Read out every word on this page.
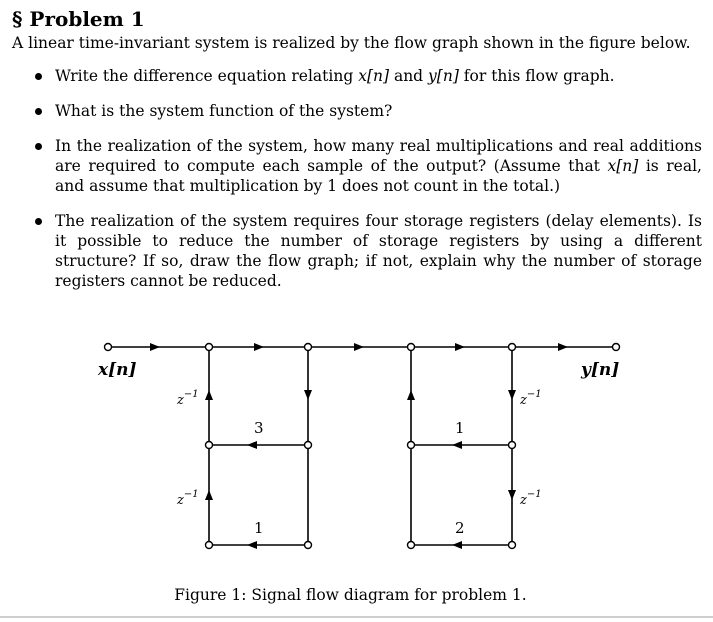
§ Problem 1
A linear time-invariant system is realized by the flow graph shown in the figure below.
Write the difference equation relating x[n] and y[n] for this flow graph.
What is the system function of the system?
In the realization of the system, how many real multiplications and real additions are required to compute each sample of the output? (Assume that x[n] is real, and assume that multiplication by 1 does not count in the total.)
The realization of the system requires four storage registers (delay elements). Is it possible to reduce the number of storage registers by using a different structure? If so, draw the flow graph; if not, explain why the number of storage registers cannot be reduced.
x[n]	y[n]
$z^{-1}$
$z^{-1}$
$z^{-1}$
$z^{-1}$
3
1
1
2
Figure 1: Signal flow diagram for problem 1.
